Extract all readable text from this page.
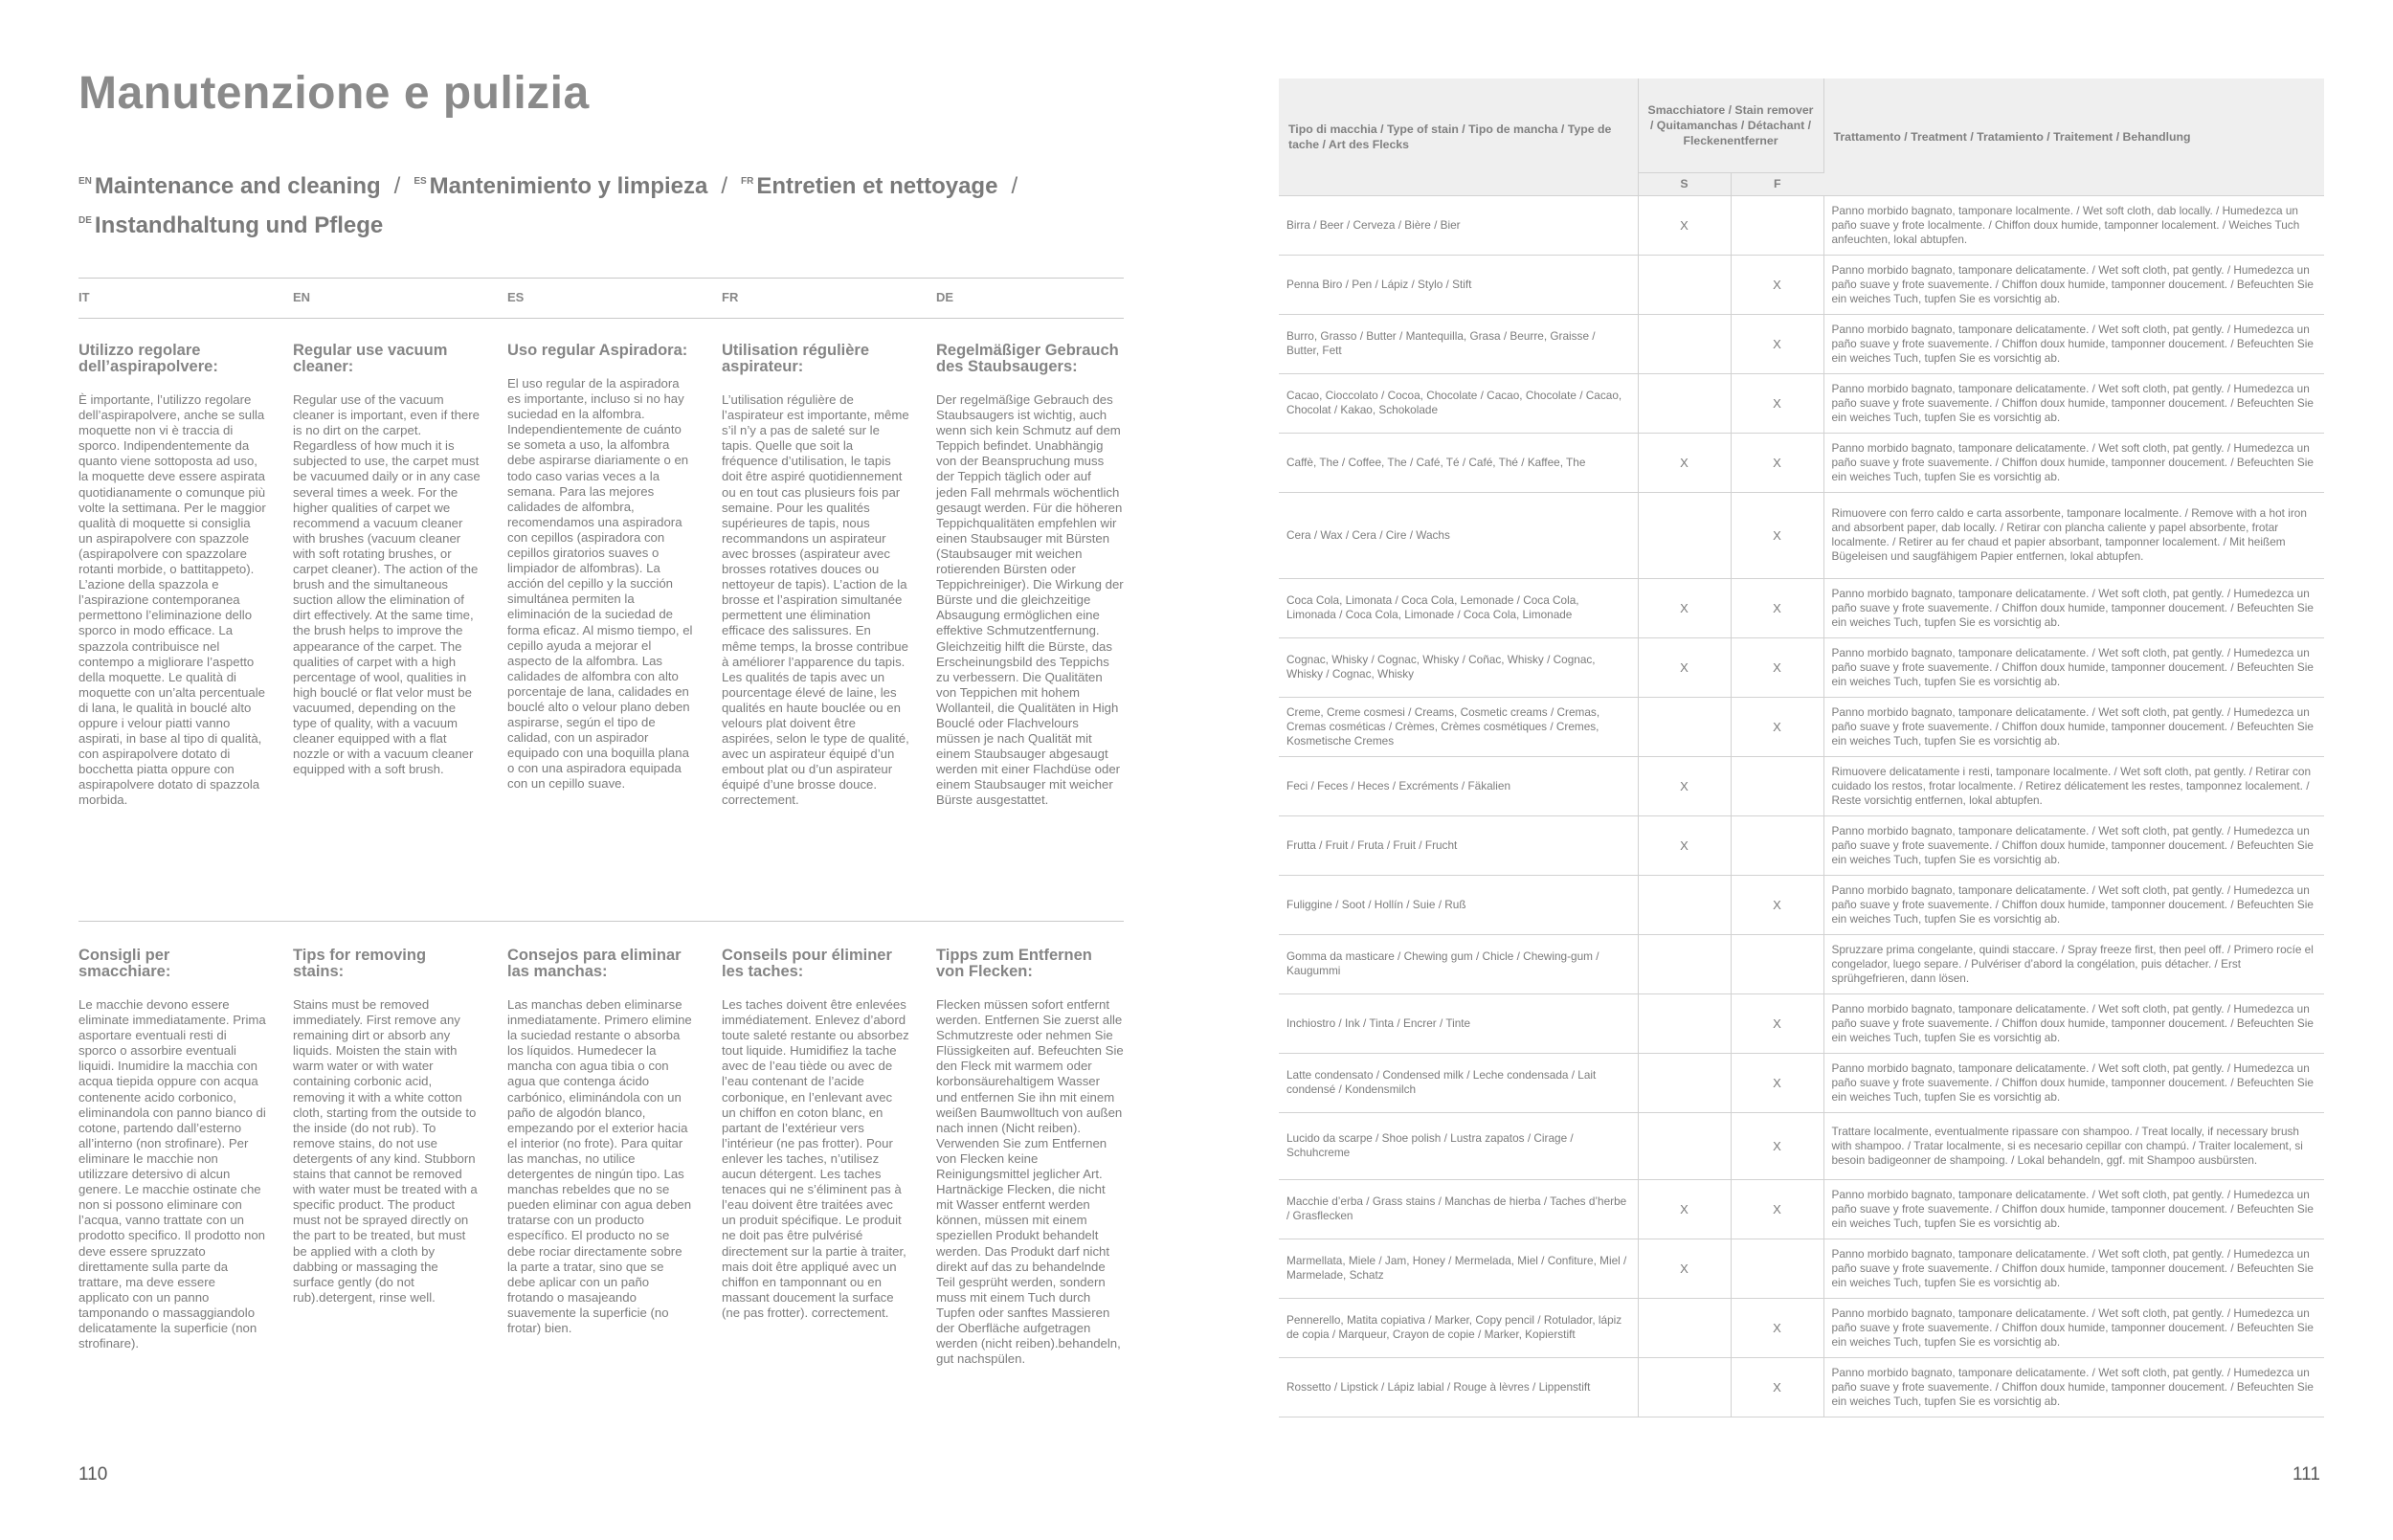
Manutenzione e pulizia
$^{EN}$ Maintenance and cleaning / $^{ES}$ Mantenimiento y limpieza / $^{FR}$ Entretien et nettoyage /
$^{DE}$ Instandhaltung und Pflege
IT	EN	ES	FR	DE
Utilizzo regolare dell’aspirapolvere:

È importante, l’utilizzo regolare dell’aspirapolvere, anche se sulla moquette non vi è traccia di sporco. Indipendentemente da quanto viene sottoposta ad uso, la moquette deve essere aspirata quotidianamente o comunque più volte la settimana. Per le maggior qualità di moquette si consiglia un aspirapolvere con spazzole (aspirapolvere con spazzolare rotanti morbide, o battitappeto). L’azione della spazzola e l’aspirazione contemporanea permettono l’eliminazione dello sporco in modo efficace. La spazzola contribuisce nel contempo a migliorare l’aspetto della moquette. Le qualità di moquette con un’alta percentuale di lana, le qualità in bouclé alto oppure i velour piatti vanno aspirati, in base al tipo di qualità, con aspirapolvere dotato di bocchetta piatta oppure con aspirapolvere dotato di spazzola morbida.

Regular use vacuum cleaner:

Regular use of the vacuum cleaner is important, even if there is no dirt on the carpet. Regardless of how much it is subjected to use, the carpet must be vacuumed daily or in any case several times a week. For the higher qualities of carpet we recommend a vacuum cleaner with brushes (vacuum cleaner with soft rotating brushes, or carpet cleaner). The action of the brush and the simultaneous suction allow the elimination of dirt effectively. At the same time, the brush helps to improve the appearance of the carpet. The qualities of carpet with a high percentage of wool, qualities in high bouclé or flat velor must be vacuumed, depending on the type of quality, with a vacuum cleaner equipped with a flat nozzle or with a vacuum cleaner equipped with a soft brush.

Uso regular Aspiradora:

El uso regular de la aspiradora es importante, incluso si no hay suciedad en la alfombra. Independientemente de cuánto se someta a uso, la alfombra debe aspirarse diariamente o en todo caso varias veces a la semana. Para las mejores calidades de alfombra, recomendamos una aspiradora con cepillos (aspiradora con cepillos giratorios suaves o limpiador de alfombras). La acción del cepillo y la succión simultánea permiten la eliminación de la suciedad de forma eficaz. Al mismo tiempo, el cepillo ayuda a mejorar el aspecto de la alfombra. Las calidades de alfombra con alto porcentaje de lana, calidades en bouclé alto o velour plano deben aspirarse, según el tipo de calidad, con un aspirador equipado con una boquilla plana o con una aspiradora equipada con un cepillo suave.

Utilisation régulière aspirateur:

L’utilisation régulière de l’aspirateur est importante, même s’il n’y a pas de saleté sur le tapis. Quelle que soit la fréquence d’utilisation, le tapis doit être aspiré quotidiennement ou en tout cas plusieurs fois par semaine. Pour les qualités supérieures de tapis, nous recommandons un aspirateur avec brosses (aspirateur avec brosses rotatives douces ou nettoyeur de tapis). L’action de la brosse et l’aspiration simultanée permettent une élimination efficace des salissures. En même temps, la brosse contribue à améliorer l’apparence du tapis. Les qualités de tapis avec un pourcentage élevé de laine, les qualités en haute bouclée ou en velours plat doivent être aspirées, selon le type de qualité, avec un aspirateur équipé d’un embout plat ou d’un aspirateur équipé d’une brosse douce. correctement.

Regelmäßiger Gebrauch des Staubsaugers:

Der regelmäßige Gebrauch des Staubsaugers ist wichtig, auch wenn sich kein Schmutz auf dem Teppich befindet. Unabhängig von der Beanspruchung muss der Teppich täglich oder auf jeden Fall mehrmals wöchentlich gesaugt werden. Für die höheren Teppichqualitäten empfehlen wir einen Staubsauger mit Bürsten (Staubsauger mit weichen rotierenden Bürsten oder Teppichreiniger). Die Wirkung der Bürste und die gleichzeitige Absaugung ermöglichen eine effektive Schmutzentfernung. Gleichzeitig hilft die Bürste, das Erscheinungsbild des Teppichs zu verbessern. Die Qualitäten von Teppichen mit hohem Wollanteil, die Qualitäten in High Bouclé oder Flachvelours müssen je nach Qualität mit einem Staubsauger abgesaugt werden mit einer Flachdüse oder einem Staubsauger mit weicher Bürste ausgestattet.

Consigli per smacchiare:

Le macchie devono essere eliminate immediatamente. Prima asportare eventuali resti di sporco o assorbire eventuali liquidi. Inumidire la macchia con acqua tiepida oppure con acqua contenente acido corbonico, eliminandola con panno bianco di cotone, partendo dall’esterno all’interno (non strofinare). Per eliminare le macchie non utilizzare detersivo di alcun genere. Le macchie ostinate che non si possono eliminare con l’acqua, vanno trattate con un prodotto specifico. Il prodotto non deve essere spruzzato direttamente sulla parte da trattare, ma deve essere applicato con un panno tamponando o massaggiandolo delicatamente la superficie (non strofinare).

Tips for removing stains:

Stains must be removed immediately. First remove any remaining dirt or absorb any liquids. Moisten the stain with warm water or with water containing corbonic acid, removing it with a white cotton cloth, starting from the outside to the inside (do not rub). To remove stains, do not use detergents of any kind. Stubborn stains that cannot be removed with water must be treated with a specific product. The product must not be sprayed directly on the part to be treated, but must be applied with a cloth by dabbing or massaging the surface gently (do not rub).detergent, rinse well.

Consejos para eliminar las manchas:

Las manchas deben eliminarse inmediatamente. Primero elimine la suciedad restante o absorba los líquidos. Humedecer la mancha con agua tibia o con agua que contenga ácido carbónico, eliminándola con un paño de algodón blanco, empezando por el exterior hacia el interior (no frote). Para quitar las manchas, no utilice detergentes de ningún tipo. Las manchas rebeldes que no se pueden eliminar con agua deben tratarse con un producto específico. El producto no se debe rociar directamente sobre la parte a tratar, sino que se debe aplicar con un paño frotando o masajeando suavemente la superficie (no frotar) bien.

Conseils pour éliminer les taches:

Les taches doivent être enlevées immédiatement. Enlevez d’abord toute saleté restante ou absorbez tout liquide. Humidifiez la tache avec de l’eau tiède ou avec de l’eau contenant de l’acide corbonique, en l’enlevant avec un chiffon en coton blanc, en partant de l’extérieur vers l’intérieur (ne pas frotter). Pour enlever les taches, n’utilisez aucun détergent. Les taches tenaces qui ne s’éliminent pas à l’eau doivent être traitées avec un produit spécifique. Le produit ne doit pas être pulvérisé directement sur la partie à traiter, mais doit être appliqué avec un chiffon en tamponnant ou en massant doucement la surface (ne pas frotter). correctement.

Tipps zum Entfernen von Flecken:

Flecken müssen sofort entfernt werden. Entfernen Sie zuerst alle Schmutzreste oder nehmen Sie Flüssigkeiten auf. Befeuchten Sie den Fleck mit warmem oder korbonsäurehaltigem Wasser und entfernen Sie ihn mit einem weißen Baumwolltuch von außen nach innen (Nicht reiben). Verwenden Sie zum Entfernen von Flecken keine Reinigungsmittel jeglicher Art. Hartnäckige Flecken, die nicht mit Wasser entfernt werden können, müssen mit einem speziellen Produkt behandelt werden. Das Produkt darf nicht direkt auf das zu behandelnde Teil gesprüht werden, sondern muss mit einem Tuch durch Tupfen oder sanftes Massieren der Oberfläche aufgetragen werden (nicht reiben).behandeln, gut nachspülen.

110	111
Tipo di macchia / Type of stain / Tipo de mancha / Type de tache / Art des Flecks	Smacchiatore / Stain remover / Quitamanchas / Détachant / Fleckenentferner		Trattamento / Treatment / Tratamiento / Traitement / Behandlung
	S	F	
Birra / Beer / Cerveza / Bière / Bier	X		Panno morbido bagnato, tamponare localmente. / Wet soft cloth, dab locally. / Humedezca un paño suave y frote localmente. / Chiffon doux humide, tamponner localement. / Weiches Tuch anfeuchten, lokal abtupfen.
Penna Biro / Pen / Lápiz / Stylo / Stift		X	Panno morbido bagnato, tamponare delicatamente. / Wet soft cloth, pat gently. / Humedezca un paño suave y frote suavemente. / Chiffon doux humide, tamponner doucement. / Befeuchten Sie ein weiches Tuch, tupfen Sie es vorsichtig ab.
Burro, Grasso / Butter / Mantequilla, Grasa / Beurre, Graisse / Butter, Fett		X	Panno morbido bagnato, tamponare delicatamente. / Wet soft cloth, pat gently. / Humedezca un paño suave y frote suavemente. / Chiffon doux humide, tamponner doucement. / Befeuchten Sie ein weiches Tuch, tupfen Sie es vorsichtig ab.
Cacao, Cioccolato / Cocoa, Chocolate / Cacao, Chocolate / Cacao, Chocolat / Kakao, Schokolade		X	Panno morbido bagnato, tamponare delicatamente. / Wet soft cloth, pat gently. / Humedezca un paño suave y frote suavemente. / Chiffon doux humide, tamponner doucement. / Befeuchten Sie ein weiches Tuch, tupfen Sie es vorsichtig ab.
Caffè, The / Coffee, The / Café, Té / Café, Thé / Kaffee, The	X	X	Panno morbido bagnato, tamponare delicatamente. / Wet soft cloth, pat gently. / Humedezca un paño suave y frote suavemente. / Chiffon doux humide, tamponner doucement. / Befeuchten Sie ein weiches Tuch, tupfen Sie es vorsichtig ab.
Cera / Wax / Cera / Cire / Wachs		X	Rimuovere con ferro caldo e carta assorbente, tamponare localmente. / Remove with a hot iron and absorbent paper, dab locally. / Retirar con plancha caliente y papel absorbente, frotar localmente. / Retirer au fer chaud et papier absorbant, tamponner localement. / Mit heißem Bügeleisen und saugfähigem Papier entfernen, lokal abtupfen.
Coca Cola, Limonata / Coca Cola, Lemonade / Coca Cola, Limonada / Coca Cola, Limonade / Coca Cola, Limonade	X	X	Panno morbido bagnato, tamponare delicatamente. / Wet soft cloth, pat gently. / Humedezca un paño suave y frote suavemente. / Chiffon doux humide, tamponner doucement. / Befeuchten Sie ein weiches Tuch, tupfen Sie es vorsichtig ab.
Cognac, Whisky / Cognac, Whisky / Coñac, Whisky / Cognac, Whisky / Cognac, Whisky	X	X	Panno morbido bagnato, tamponare delicatamente. / Wet soft cloth, pat gently. / Humedezca un paño suave y frote suavemente. / Chiffon doux humide, tamponner doucement. / Befeuchten Sie ein weiches Tuch, tupfen Sie es vorsichtig ab.
Creme, Creme cosmesi / Creams, Cosmetic creams / Cremas, Cremas cosméticas / Crèmes, Crèmes cosmétiques / Cremes, Kosmetische Cremes		X	Panno morbido bagnato, tamponare delicatamente. / Wet soft cloth, pat gently. / Humedezca un paño suave y frote suavemente. / Chiffon doux humide, tamponner doucement. / Befeuchten Sie ein weiches Tuch, tupfen Sie es vorsichtig ab.
Feci / Feces / Heces / Excréments / Fäkalien	X		Rimuovere delicatamente i resti, tamponare localmente. / Wet soft cloth, pat gently. / Retirar con cuidado los restos, frotar localmente. / Retirez délicatement les restes, tamponnez localement. / Reste vorsichtig entfernen, lokal abtupfen.
Frutta / Fruit / Fruta / Fruit / Frucht	X		Panno morbido bagnato, tamponare delicatamente. / Wet soft cloth, pat gently. / Humedezca un paño suave y frote suavemente. / Chiffon doux humide, tamponner doucement. / Befeuchten Sie ein weiches Tuch, tupfen Sie es vorsichtig ab.
Fuliggine / Soot / Hollín / Suie / Ruß		X	Panno morbido bagnato, tamponare delicatamente. / Wet soft cloth, pat gently. / Humedezca un paño suave y frote suavemente. / Chiffon doux humide, tamponner doucement. / Befeuchten Sie ein weiches Tuch, tupfen Sie es vorsichtig ab.
Gomma da masticare / Chewing gum / Chicle / Chewing-gum / Kaugummi			Spruzzare prima congelante, quindi staccare. / Spray freeze first, then peel off. / Primero rocíe el congelador, luego separe. / Pulvériser d’abord la congélation, puis détacher. / Erst sprühgefrieren, dann lösen.
Inchiostro / Ink / Tinta / Encrer / Tinte		X	Panno morbido bagnato, tamponare delicatamente. / Wet soft cloth, pat gently. / Humedezca un paño suave y frote suavemente. / Chiffon doux humide, tamponner doucement. / Befeuchten Sie ein weiches Tuch, tupfen Sie es vorsichtig ab.
Latte condensato / Condensed milk / Leche condensada / Lait condensé / Kondensmilch		X	Panno morbido bagnato, tamponare delicatamente. / Wet soft cloth, pat gently. / Humedezca un paño suave y frote suavemente. / Chiffon doux humide, tamponner doucement. / Befeuchten Sie ein weiches Tuch, tupfen Sie es vorsichtig ab.
Lucido da scarpe / Shoe polish / Lustra zapatos / Cirage / Schuhcreme		X	Trattare localmente, eventualmente ripassare con shampoo. / Treat locally, if necessary brush with shampoo. / Tratar localmente, si es necesario cepillar con champú. / Traiter localement, si besoin badigeonner de shampoing. / Lokal behandeln, ggf. mit Shampoo ausbürsten.
Macchie d’erba / Grass stains / Manchas de hierba / Taches d’herbe / Grasflecken	X	X	Panno morbido bagnato, tamponare delicatamente. / Wet soft cloth, pat gently. / Humedezca un paño suave y frote suavemente. / Chiffon doux humide, tamponner doucement. / Befeuchten Sie ein weiches Tuch, tupfen Sie es vorsichtig ab.
Marmellata, Miele / Jam, Honey / Mermelada, Miel / Confiture, Miel / Marmelade, Schatz	X		Panno morbido bagnato, tamponare delicatamente. / Wet soft cloth, pat gently. / Humedezca un paño suave y frote suavemente. / Chiffon doux humide, tamponner doucement. / Befeuchten Sie ein weiches Tuch, tupfen Sie es vorsichtig ab.
Pennerello, Matita copiativa / Marker, Copy pencil / Rotulador, lápiz de copia / Marqueur, Crayon de copie / Marker, Kopierstift		X	Panno morbido bagnato, tamponare delicatamente. / Wet soft cloth, pat gently. / Humedezca un paño suave y frote suavemente. / Chiffon doux humide, tamponner doucement. / Befeuchten Sie ein weiches Tuch, tupfen Sie es vorsichtig ab.
Rossetto / Lipstick / Lápiz labial / Rouge à lèvres / Lippenstift		X	Panno morbido bagnato, tamponare delicatamente. / Wet soft cloth, pat gently. / Humedezca un paño suave y frote suavemente. / Chiffon doux humide, tamponner doucement. / Befeuchten Sie ein weiches Tuch, tupfen Sie es vorsichtig ab.
